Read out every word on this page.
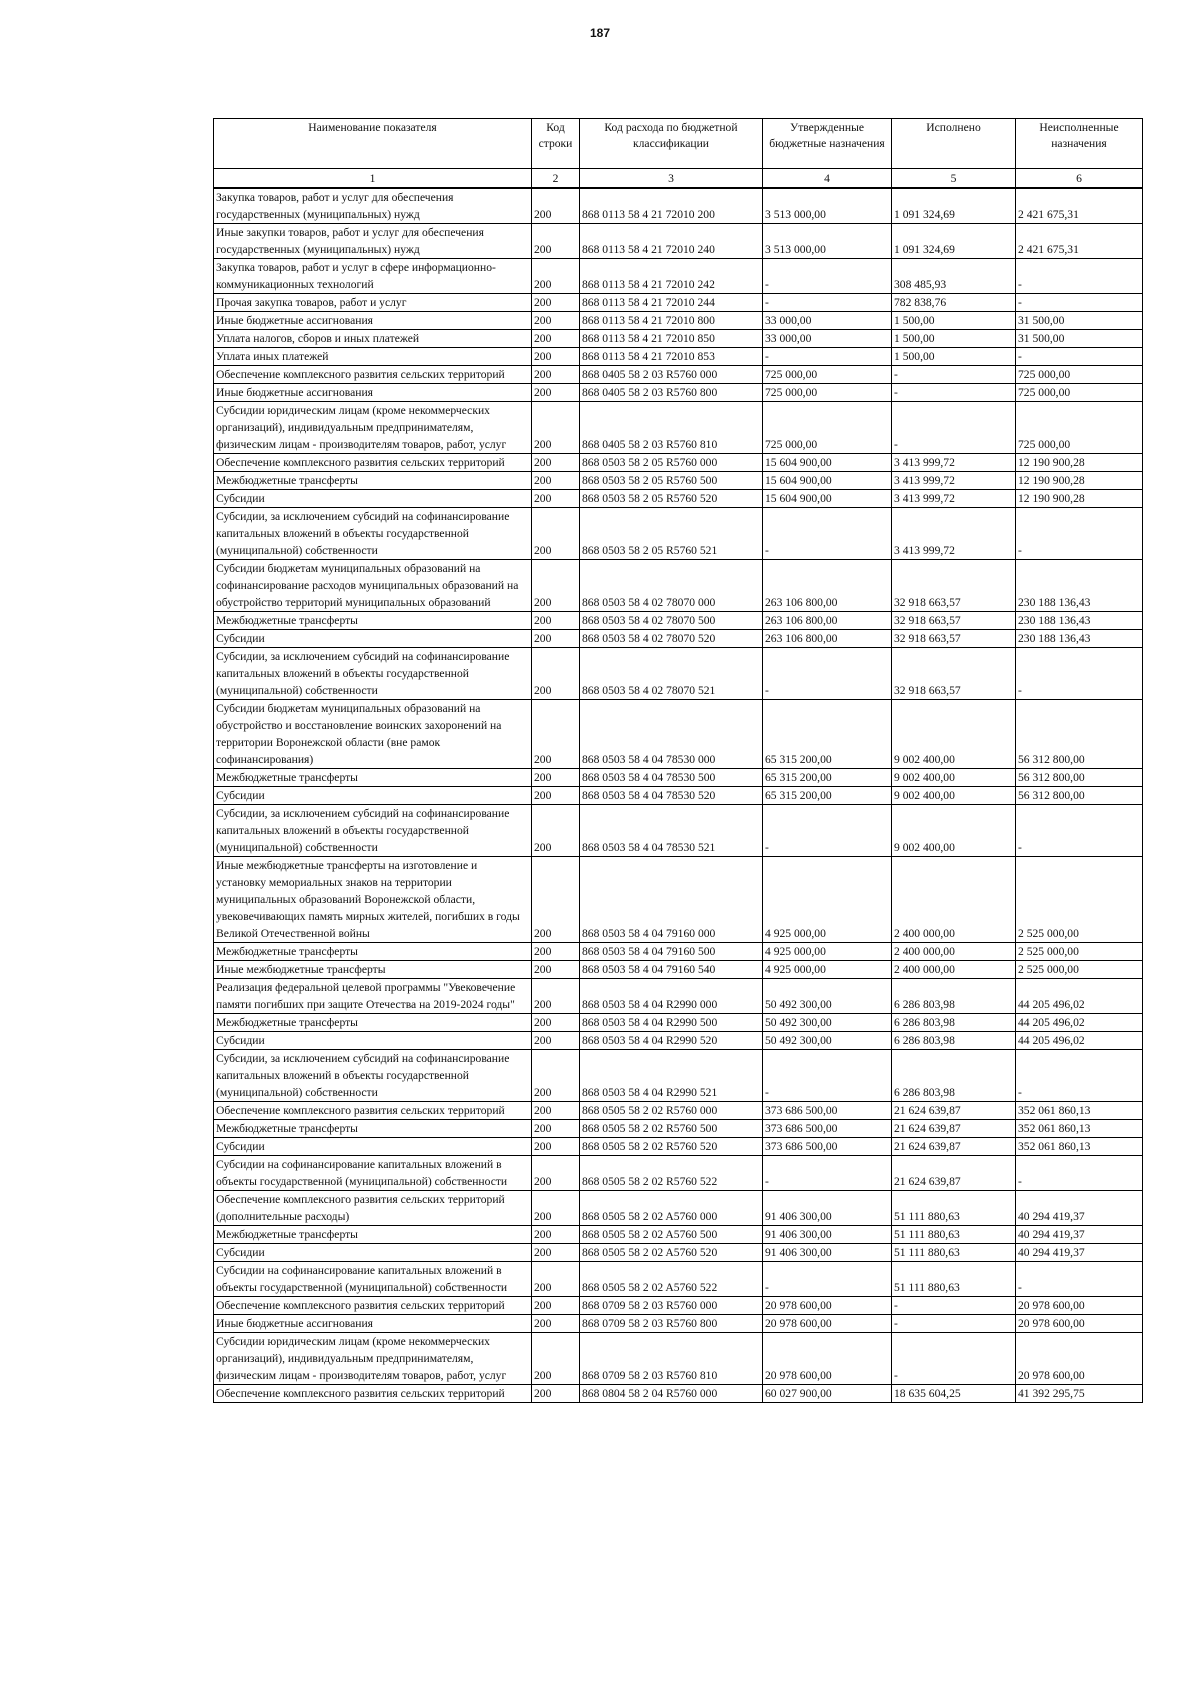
187
Наименование показателя	Код строки	Код расхода по бюджетной классификации	Утвержденные бюджетные назначения	Исполнено	Неисполненные назначения
1	2	3	4	5	6
Закупка товаров, работ и услуг для обеспечения государственных (муниципальных) нужд	200	868 0113 58 4 21 72010 200	3 513 000,00	1 091 324,69	2 421 675,31
Иные закупки товаров, работ и услуг для обеспечения государственных (муниципальных) нужд	200	868 0113 58 4 21 72010 240	3 513 000,00	1 091 324,69	2 421 675,31
Закупка товаров, работ и услуг в сфере информационно-коммуникационных технологий	200	868 0113 58 4 21 72010 242	-	308 485,93	-
Прочая закупка товаров, работ и услуг	200	868 0113 58 4 21 72010 244	-	782 838,76	-
Иные бюджетные ассигнования	200	868 0113 58 4 21 72010 800	33 000,00	1 500,00	31 500,00
Уплата налогов, сборов и иных платежей	200	868 0113 58 4 21 72010 850	33 000,00	1 500,00	31 500,00
Уплата иных платежей	200	868 0113 58 4 21 72010 853	-	1 500,00	-
Обеспечение комплексного развития сельских территорий	200	868 0405 58 2 03 R5760 000	725 000,00	-	725 000,00
Иные бюджетные ассигнования	200	868 0405 58 2 03 R5760 800	725 000,00	-	725 000,00
Субсидии юридическим лицам (кроме некоммерческих организаций), индивидуальным предпринимателям, физическим лицам - производителям товаров, работ, услуг	200	868 0405 58 2 03 R5760 810	725 000,00	-	725 000,00
Обеспечение комплексного развития сельских территорий	200	868 0503 58 2 05 R5760 000	15 604 900,00	3 413 999,72	12 190 900,28
Межбюджетные трансферты	200	868 0503 58 2 05 R5760 500	15 604 900,00	3 413 999,72	12 190 900,28
Субсидии	200	868 0503 58 2 05 R5760 520	15 604 900,00	3 413 999,72	12 190 900,28
Субсидии, за исключением субсидий на софинансирование капитальных вложений в объекты государственной (муниципальной) собственности	200	868 0503 58 2 05 R5760 521	-	3 413 999,72	-
Субсидии бюджетам муниципальных образований на софинансирование расходов муниципальных образований на обустройство территорий муниципальных образований	200	868 0503 58 4 02 78070 000	263 106 800,00	32 918 663,57	230 188 136,43
Межбюджетные трансферты	200	868 0503 58 4 02 78070 500	263 106 800,00	32 918 663,57	230 188 136,43
Субсидии	200	868 0503 58 4 02 78070 520	263 106 800,00	32 918 663,57	230 188 136,43
Субсидии, за исключением субсидий на софинансирование капитальных вложений в объекты государственной (муниципальной) собственности	200	868 0503 58 4 02 78070 521	-	32 918 663,57	-
Субсидии бюджетам муниципальных образований на обустройство и восстановление воинских захоронений на территории Воронежской области (вне рамок софинансирования)	200	868 0503 58 4 04 78530 000	65 315 200,00	9 002 400,00	56 312 800,00
Межбюджетные трансферты	200	868 0503 58 4 04 78530 500	65 315 200,00	9 002 400,00	56 312 800,00
Субсидии	200	868 0503 58 4 04 78530 520	65 315 200,00	9 002 400,00	56 312 800,00
Субсидии, за исключением субсидий на софинансирование капитальных вложений в объекты государственной (муниципальной) собственности	200	868 0503 58 4 04 78530 521	-	9 002 400,00	-
Иные межбюджетные трансферты на изготовление и установку мемориальных знаков на территории муниципальных образований Воронежской области, увековечивающих память мирных жителей, погибших в годы Великой Отечественной войны	200	868 0503 58 4 04 79160 000	4 925 000,00	2 400 000,00	2 525 000,00
Межбюджетные трансферты	200	868 0503 58 4 04 79160 500	4 925 000,00	2 400 000,00	2 525 000,00
Иные межбюджетные трансферты	200	868 0503 58 4 04 79160 540	4 925 000,00	2 400 000,00	2 525 000,00
Реализация федеральной целевой программы "Увековечение памяти погибших при защите Отечества на 2019-2024 годы"	200	868 0503 58 4 04 R2990 000	50 492 300,00	6 286 803,98	44 205 496,02
Межбюджетные трансферты	200	868 0503 58 4 04 R2990 500	50 492 300,00	6 286 803,98	44 205 496,02
Субсидии	200	868 0503 58 4 04 R2990 520	50 492 300,00	6 286 803,98	44 205 496,02
Субсидии, за исключением субсидий на софинансирование капитальных вложений в объекты государственной (муниципальной) собственности	200	868 0503 58 4 04 R2990 521	-	6 286 803,98	-
Обеспечение комплексного развития сельских территорий	200	868 0505 58 2 02 R5760 000	373 686 500,00	21 624 639,87	352 061 860,13
Межбюджетные трансферты	200	868 0505 58 2 02 R5760 500	373 686 500,00	21 624 639,87	352 061 860,13
Субсидии	200	868 0505 58 2 02 R5760 520	373 686 500,00	21 624 639,87	352 061 860,13
Субсидии на софинансирование капитальных вложений в объекты государственной (муниципальной) собственности	200	868 0505 58 2 02 R5760 522	-	21 624 639,87	-
Обеспечение комплексного развития сельских территорий (дополнительные расходы)	200	868 0505 58 2 02 A5760 000	91 406 300,00	51 111 880,63	40 294 419,37
Межбюджетные трансферты	200	868 0505 58 2 02 A5760 500	91 406 300,00	51 111 880,63	40 294 419,37
Субсидии	200	868 0505 58 2 02 A5760 520	91 406 300,00	51 111 880,63	40 294 419,37
Субсидии на софинансирование капитальных вложений в объекты государственной (муниципальной) собственности	200	868 0505 58 2 02 A5760 522	-	51 111 880,63	-
Обеспечение комплексного развития сельских территорий	200	868 0709 58 2 03 R5760 000	20 978 600,00	-	20 978 600,00
Иные бюджетные ассигнования	200	868 0709 58 2 03 R5760 800	20 978 600,00	-	20 978 600,00
Субсидии юридическим лицам (кроме некоммерческих организаций), индивидуальным предпринимателям, физическим лицам - производителям товаров, работ, услуг	200	868 0709 58 2 03 R5760 810	20 978 600,00	-	20 978 600,00
Обеспечение комплексного развития сельских территорий	200	868 0804 58 2 04 R5760 000	60 027 900,00	18 635 604,25	41 392 295,75
